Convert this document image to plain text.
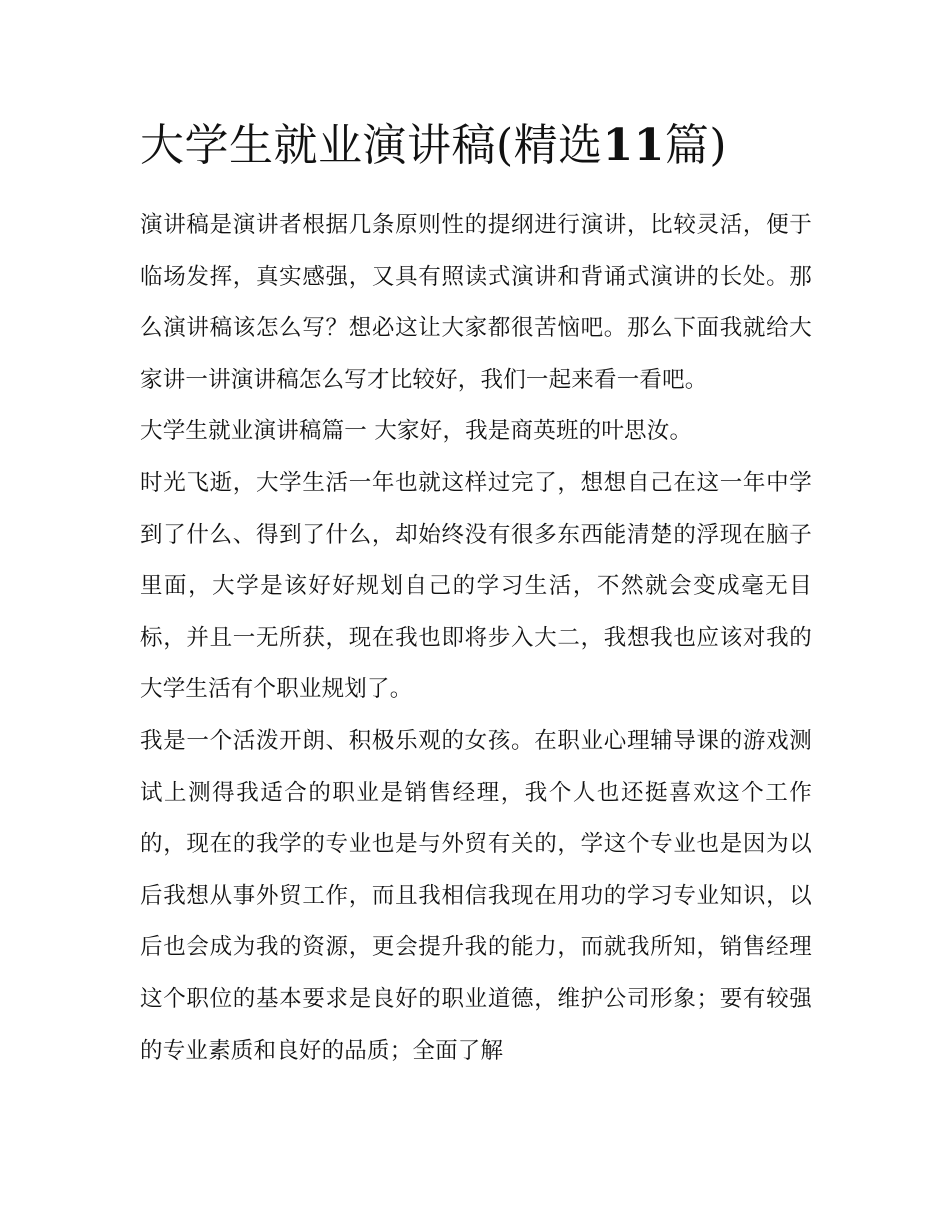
大学生就业演讲稿(精选11篇)

演讲稿是演讲者根据几条原则性的提纲进行演讲，比较灵活，便于临场发挥，真实感强，又具有照读式演讲和背诵式演讲的长处。那么演讲稿该怎么写？想必这让大家都很苦恼吧。那么下面我就给大家讲一讲演讲稿怎么写才比较好，我们一起来看一看吧。

大学生就业演讲稿篇一 大家好，我是商英班的叶思汝。

时光飞逝，大学生活一年也就这样过完了，想想自己在这一年中学到了什么、得到了什么，却始终没有很多东西能清楚的浮现在脑子里面，大学是该好好规划自己的学习生活，不然就会变成毫无目标，并且一无所获，现在我也即将步入大二，我想我也应该对我的大学生活有个职业规划了。

我是一个活泼开朗、积极乐观的女孩。在职业心理辅导课的游戏测试上测得我适合的职业是销售经理，我个人也还挺喜欢这个工作的，现在的我学的专业也是与外贸有关的，学这个专业也是因为以后我想从事外贸工作，而且我相信我现在用功的学习专业知识，以后也会成为我的资源，更会提升我的能力，而就我所知，销售经理这个职位的基本要求是良好的职业道德，维护公司形象；要有较强的专业素质和良好的品质；全面了解
